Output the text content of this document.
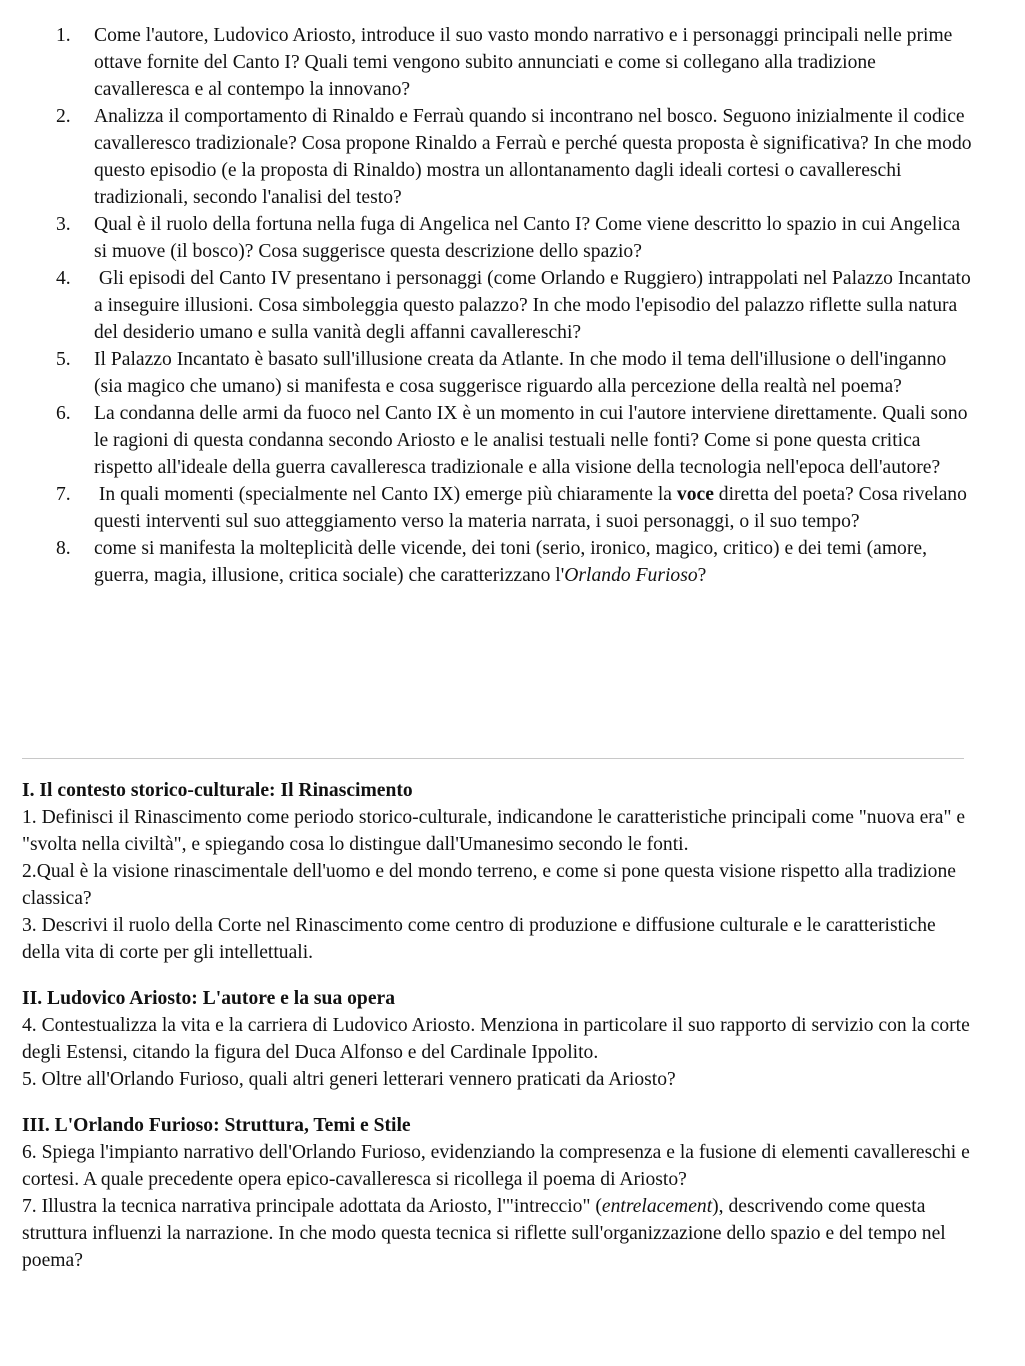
1. Come l'autore, Ludovico Ariosto, introduce il suo vasto mondo narrativo e i personaggi principali nelle prime ottave fornite del Canto I? Quali temi vengono subito annunciati e come si collegano alla tradizione cavalleresca e al contempo la innovano?
2. Analizza il comportamento di Rinaldo e Ferraù quando si incontrano nel bosco. Seguono inizialmente il codice cavalleresco tradizionale? Cosa propone Rinaldo a Ferraù e perché questa proposta è significativa? In che modo questo episodio (e la proposta di Rinaldo) mostra un allontanamento dagli ideali cortesi o cavallereschi tradizionali, secondo l'analisi del testo?
3. Qual è il ruolo della fortuna nella fuga di Angelica nel Canto I? Come viene descritto lo spazio in cui Angelica si muove (il bosco)? Cosa suggerisce questa descrizione dello spazio?
4. Gli episodi del Canto IV presentano i personaggi (come Orlando e Ruggiero) intrappolati nel Palazzo Incantato a inseguire illusioni. Cosa simboleggia questo palazzo? In che modo l'episodio del palazzo riflette sulla natura del desiderio umano e sulla vanità degli affanni cavallereschi?
5. Il Palazzo Incantato è basato sull'illusione creata da Atlante. In che modo il tema dell'illusione o dell'inganno (sia magico che umano) si manifesta e cosa suggerisce riguardo alla percezione della realtà nel poema?
6. La condanna delle armi da fuoco nel Canto IX è un momento in cui l'autore interviene direttamente. Quali sono le ragioni di questa condanna secondo Ariosto e le analisi testuali nelle fonti? Come si pone questa critica rispetto all'ideale della guerra cavalleresca tradizionale e alla visione della tecnologia nell'epoca dell'autore?
7. In quali momenti (specialmente nel Canto IX) emerge più chiaramente la voce diretta del poeta? Cosa rivelano questi interventi sul suo atteggiamento verso la materia narrata, i suoi personaggi, o il suo tempo?
8. come si manifesta la molteplicità delle vicende, dei toni (serio, ironico, magico, critico) e dei temi (amore, guerra, magia, illusione, critica sociale) che caratterizzano l'Orlando Furioso?

I. Il contesto storico-culturale: Il Rinascimento

1. Definisci il Rinascimento come periodo storico-culturale, indicandone le caratteristiche principali come "nuova era" e "svolta nella civiltà", e spiegando cosa lo distingue dall'Umanesimo secondo le fonti.

2.Qual è la visione rinascimentale dell'uomo e del mondo terreno, e come si pone questa visione rispetto alla tradizione classica?

3. Descrivi il ruolo della Corte nel Rinascimento come centro di produzione e diffusione culturale e le caratteristiche della vita di corte per gli intellettuali.

II. Ludovico Ariosto: L'autore e la sua opera

4. Contestualizza la vita e la carriera di Ludovico Ariosto. Menziona in particolare il suo rapporto di servizio con la corte degli Estensi, citando la figura del Duca Alfonso e del Cardinale Ippolito.

5. Oltre all'Orlando Furioso, quali altri generi letterari vennero praticati da Ariosto?

III. L'Orlando Furioso: Struttura, Temi e Stile

6. Spiega l'impianto narrativo dell'Orlando Furioso, evidenziando la compresenza e la fusione di elementi cavallereschi e cortesi. A quale precedente opera epico-cavalleresca si ricollega il poema di Ariosto?

7. Illustra la tecnica narrativa principale adottata da Ariosto, l'"intreccio" (entrelacement), descrivendo come questa struttura influenzi la narrazione. In che modo questa tecnica si riflette sull'organizzazione dello spazio e del tempo nel poema?
